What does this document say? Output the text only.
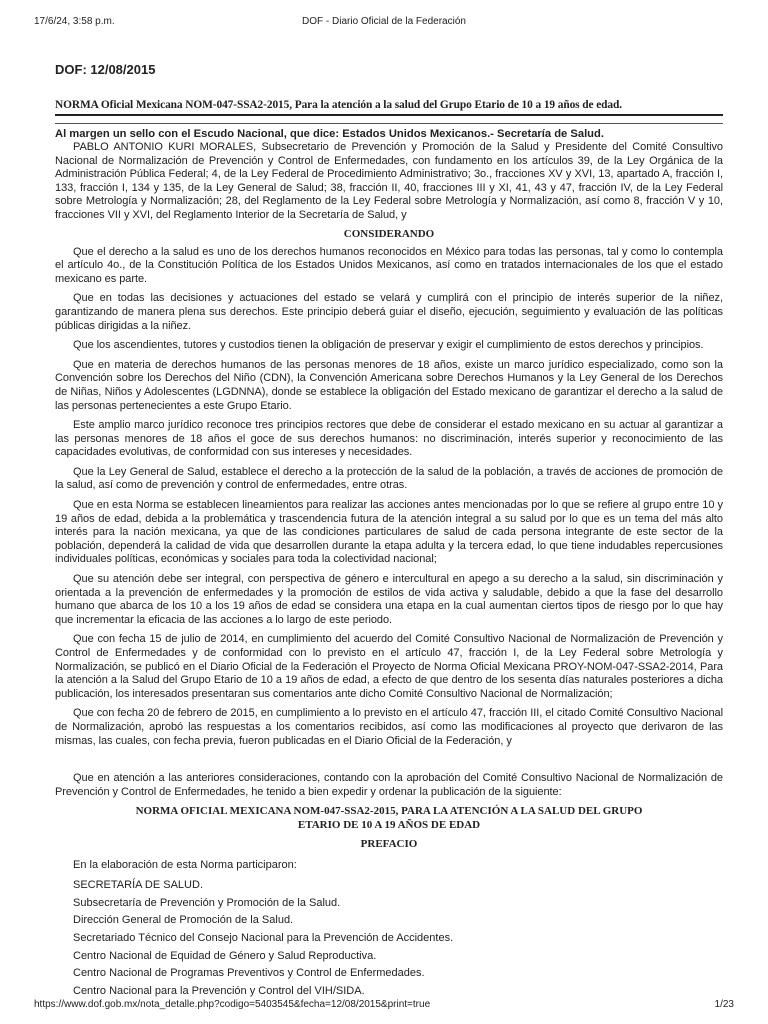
17/6/24, 3:58 p.m.	DOF - Diario Oficial de la Federación
DOF: 12/08/2015
NORMA Oficial Mexicana NOM-047-SSA2-2015, Para la atención a la salud del Grupo Etario de 10 a 19 años de edad.
Al margen un sello con el Escudo Nacional, que dice: Estados Unidos Mexicanos.- Secretaría de Salud.

PABLO ANTONIO KURI MORALES, Subsecretario de Prevención y Promoción de la Salud y Presidente del Comité Consultivo Nacional de Normalización de Prevención y Control de Enfermedades, con fundamento en los artículos 39, de la Ley Orgánica de la Administración Pública Federal; 4, de la Ley Federal de Procedimiento Administrativo; 3o., fracciones XV y XVI, 13, apartado A, fracción I, 133, fracción I, 134 y 135, de la Ley General de Salud; 38, fracción II, 40, fracciones III y XI, 41, 43 y 47, fracción IV, de la Ley Federal sobre Metrología y Normalización; 28, del Reglamento de la Ley Federal sobre Metrología y Normalización, así como 8, fracción V y 10, fracciones VII y XVI, del Reglamento Interior de la Secretaría de Salud, y

CONSIDERANDO

Que el derecho a la salud es uno de los derechos humanos reconocidos en México para todas las personas, tal y como lo contempla el artículo 4o., de la Constitución Política de los Estados Unidos Mexicanos, así como en tratados internacionales de los que el estado mexicano es parte.

Que en todas las decisiones y actuaciones del estado se velará y cumplirá con el principio de interés superior de la niñez, garantizando de manera plena sus derechos. Este principio deberá guiar el diseño, ejecución, seguimiento y evaluación de las políticas públicas dirigidas a la niñez.

Que los ascendientes, tutores y custodios tienen la obligación de preservar y exigir el cumplimiento de estos derechos y principios.

Que en materia de derechos humanos de las personas menores de 18 años, existe un marco jurídico especializado, como son la Convención sobre los Derechos del Niño (CDN), la Convención Americana sobre Derechos Humanos y la Ley General de los Derechos de Niñas, Niños y Adolescentes (LGDNNA), donde se establece la obligación del Estado mexicano de garantizar el derecho a la salud de las personas pertenecientes a este Grupo Etario.

Este amplio marco jurídico reconoce tres principios rectores que debe de considerar el estado mexicano en su actuar al garantizar a las personas menores de 18 años el goce de sus derechos humanos: no discriminación, interés superior y reconocimiento de las capacidades evolutivas, de conformidad con sus intereses y necesidades.

Que la Ley General de Salud, establece el derecho a la protección de la salud de la población, a través de acciones de promoción de la salud, así como de prevención y control de enfermedades, entre otras.

Que en esta Norma se establecen lineamientos para realizar las acciones antes mencionadas por lo que se refiere al grupo entre 10 y 19 años de edad, debida a la problemática y trascendencia futura de la atención integral a su salud por lo que es un tema del más alto interés para la nación mexicana, ya que de las condiciones particulares de salud de cada persona integrante de este sector de la población, dependerá la calidad de vida que desarrollen durante la etapa adulta y la tercera edad, lo que tiene indudables repercusiones individuales políticas, económicas y sociales para toda la colectividad nacional;

Que su atención debe ser integral, con perspectiva de género e intercultural en apego a su derecho a la salud, sin discriminación y orientada a la prevención de enfermedades y la promoción de estilos de vida activa y saludable, debido a que la fase del desarrollo humano que abarca de los 10 a los 19 años de edad se considera una etapa en la cual aumentan ciertos tipos de riesgo por lo que hay que incrementar la eficacia de las acciones a lo largo de este periodo.

Que con fecha 15 de julio de 2014, en cumplimiento del acuerdo del Comité Consultivo Nacional de Normalización de Prevención y Control de Enfermedades y de conformidad con lo previsto en el artículo 47, fracción I, de la Ley Federal sobre Metrología y Normalización, se publicó en el Diario Oficial de la Federación el Proyecto de Norma Oficial Mexicana PROY-NOM-047-SSA2-2014, Para la atención a la Salud del Grupo Etario de 10 a 19 años de edad, a efecto de que dentro de los sesenta días naturales posteriores a dicha publicación, los interesados presentaran sus comentarios ante dicho Comité Consultivo Nacional de Normalización;

Que con fecha 20 de febrero de 2015, en cumplimiento a lo previsto en el artículo 47, fracción III, el citado Comité Consultivo Nacional de Normalización, aprobó las respuestas a los comentarios recibidos, así como las modificaciones al proyecto que derivaron de las mismas, las cuales, con fecha previa, fueron publicadas en el Diario Oficial de la Federación, y

Que en atención a las anteriores consideraciones, contando con la aprobación del Comité Consultivo Nacional de Normalización de Prevención y Control de Enfermedades, he tenido a bien expedir y ordenar la publicación de la siguiente:

NORMA OFICIAL MEXICANA NOM-047-SSA2-2015, PARA LA ATENCIÓN A LA SALUD DEL GRUPO
ETARIO DE 10 A 19 AÑOS DE EDAD
PREFACIO
En la elaboración de esta Norma participaron:
SECRETARÍA DE SALUD.
Subsecretaría de Prevención y Promoción de la Salud.
Dirección General de Promoción de la Salud.
Secretariado Técnico del Consejo Nacional para la Prevención de Accidentes.
Centro Nacional de Equidad de Género y Salud Reproductiva.
Centro Nacional de Programas Preventivos y Control de Enfermedades.
Centro Nacional para la Prevención y Control del VIH/SIDA.
https://www.dof.gob.mx/nota_detalle.php?codigo=5403545&fecha=12/08/2015&print=true	1/23
